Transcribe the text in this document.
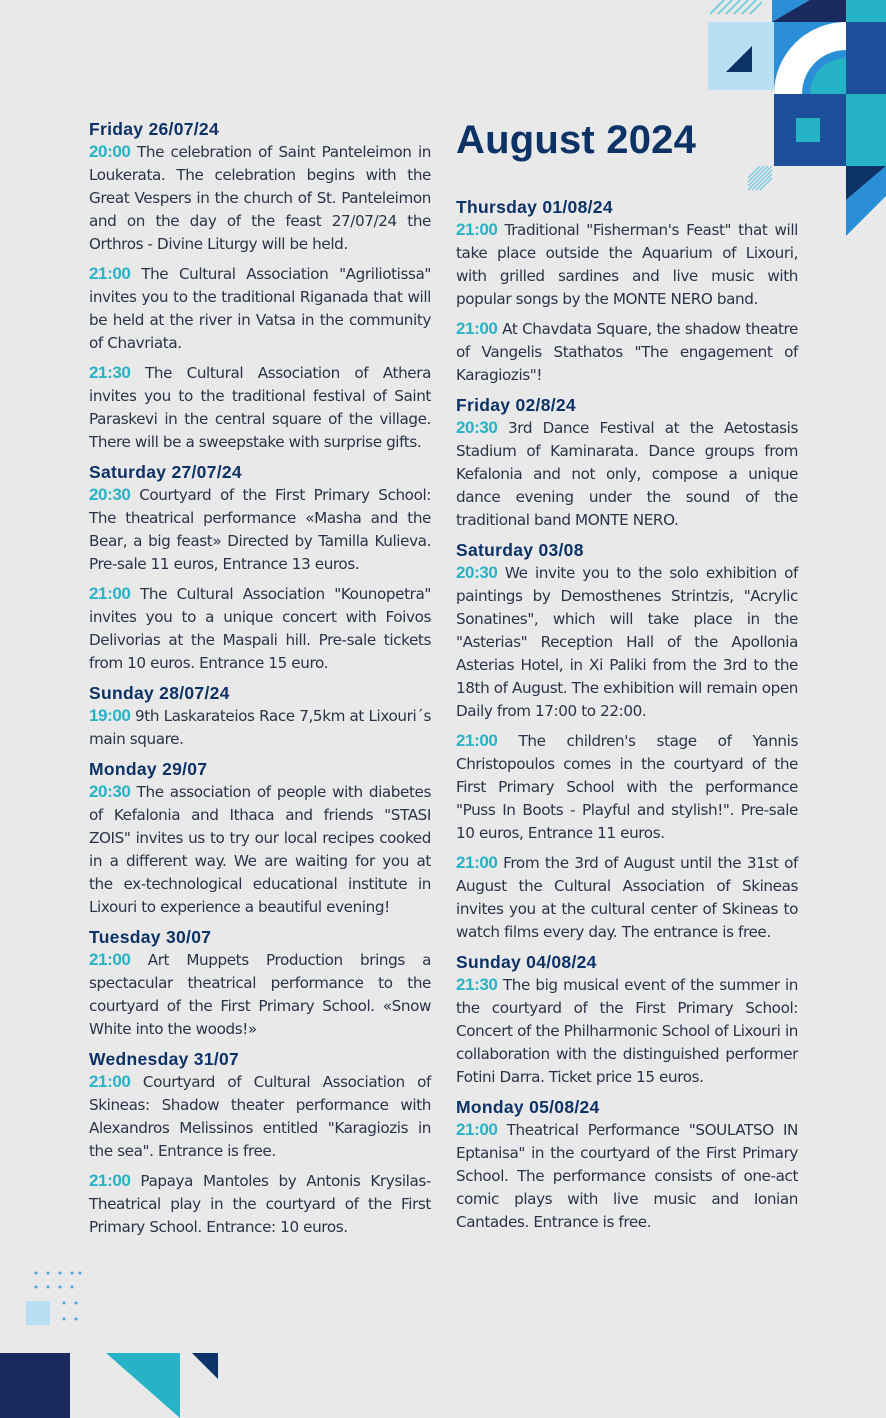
August 2024
Friday 26/07/24

20:00 The celebration of Saint Panteleimon in Loukerata. The celebration begins with the Great Vespers in the church of St. Panteleimon and on the day of the feast 27/07/24 the Orthros - Divine Liturgy will be held.

21:00 The Cultural Association "Agriliotissa" invites you to the traditional Riganada that will be held at the river in Vatsa in the community of Chavriata.

21:30 The Cultural Association of Athera invites you to the traditional festival of Saint Paraskevi in the central square of the village. There will be a sweepstake with surprise gifts.

Saturday 27/07/24

20:30 Courtyard of the First Primary School: The theatrical performance «Masha and the Bear, a big feast» Directed by Tamilla Kulieva. Pre-sale 11 euros, Entrance 13 euros.

21:00 The Cultural Association "Kounopetra" invites you to a unique concert with Foivos Delivorias at the Maspali hill. Pre-sale tickets from 10 euros. Entrance 15 euro.

Sunday 28/07/24

19:00 9th Laskarateios Race 7,5km at Lixouri´s main square.

Monday 29/07

20:30 The association of people with diabetes of Kefalonia and Ithaca and friends "STASI ZOIS" invites us to try our local recipes cooked in a different way. We are waiting for you at the ex-technological educational institute in Lixouri to experience a beautiful evening!

Tuesday 30/07

21:00 Art Muppets Production brings a spectacular theatrical performance to the courtyard of the First Primary School. «Snow White into the woods!»

Wednesday 31/07

21:00 Courtyard of Cultural Association of Skineas: Shadow theater performance with Alexandros Melissinos entitled "Karagiozis in the sea". Entrance is free.

21:00 Papaya Mantoles by Antonis Krysilas- Theatrical play in the courtyard of the First Primary School. Entrance: 10 euros.

Thursday 01/08/24

21:00 Traditional "Fisherman's Feast" that will take place outside the Aquarium of Lixouri, with grilled sardines and live music with popular songs by the MONTE NERO band.

21:00 At Chavdata Square, the shadow theatre of Vangelis Stathatos "The engagement of Karagiozis"!

Friday 02/8/24

20:30 3rd Dance Festival at the Aetostasis Stadium of Kaminarata. Dance groups from Kefalonia and not only, compose a unique dance evening under the sound of the traditional band MONTE NERO.

Saturday 03/08

20:30 We invite you to the solo exhibition of paintings by Demosthenes Strintzis, "Acrylic Sonatines", which will take place in the "Asterias" Reception Hall of the Apollonia Asterias Hotel, in Xi Paliki from the 3rd to the 18th of August. The exhibition will remain open Daily from 17:00 to 22:00.

21:00 The children's stage of Yannis Christopoulos comes in the courtyard of the First Primary School with the performance "Puss In Boots - Playful and stylish!". Pre-sale 10 euros, Entrance 11 euros.

21:00 From the 3rd of August until the 31st of August the Cultural Association of Skineas invites you at the cultural center of Skineas to watch films every day. The entrance is free.

Sunday 04/08/24

21:30 The big musical event of the summer in the courtyard of the First Primary School: Concert of the Philharmonic School of Lixouri in collaboration with the distinguished performer Fotini Darra. Ticket price 15 euros.

Monday 05/08/24

21:00 Theatrical Performance "SOULATSO IN Eptanisa" in the courtyard of the First Primary School. The performance consists of one-act comic plays with live music and Ionian Cantades. Entrance is free.
